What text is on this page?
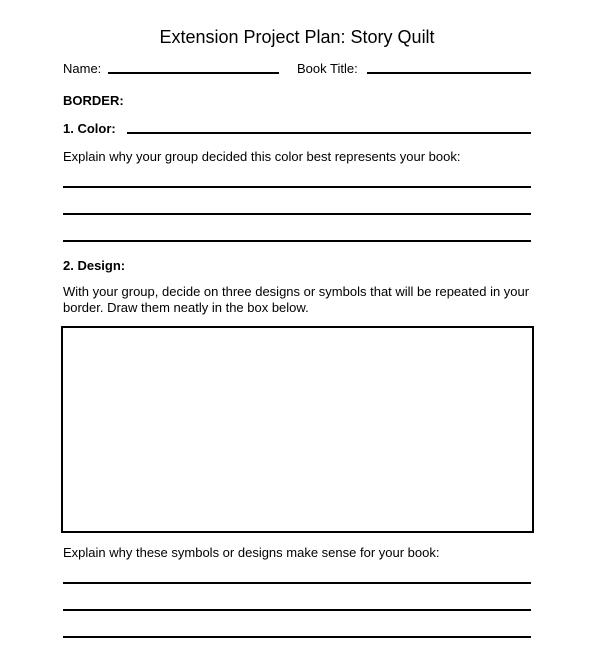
Extension Project Plan: Story Quilt
Name:	Book Title:
BORDER:
1. Color:
Explain why your group decided this color best represents your book:
2. Design:
With your group, decide on three designs or symbols that will be repeated in your
border. Draw them neatly in the box below.
Explain why these symbols or designs make sense for your book:
